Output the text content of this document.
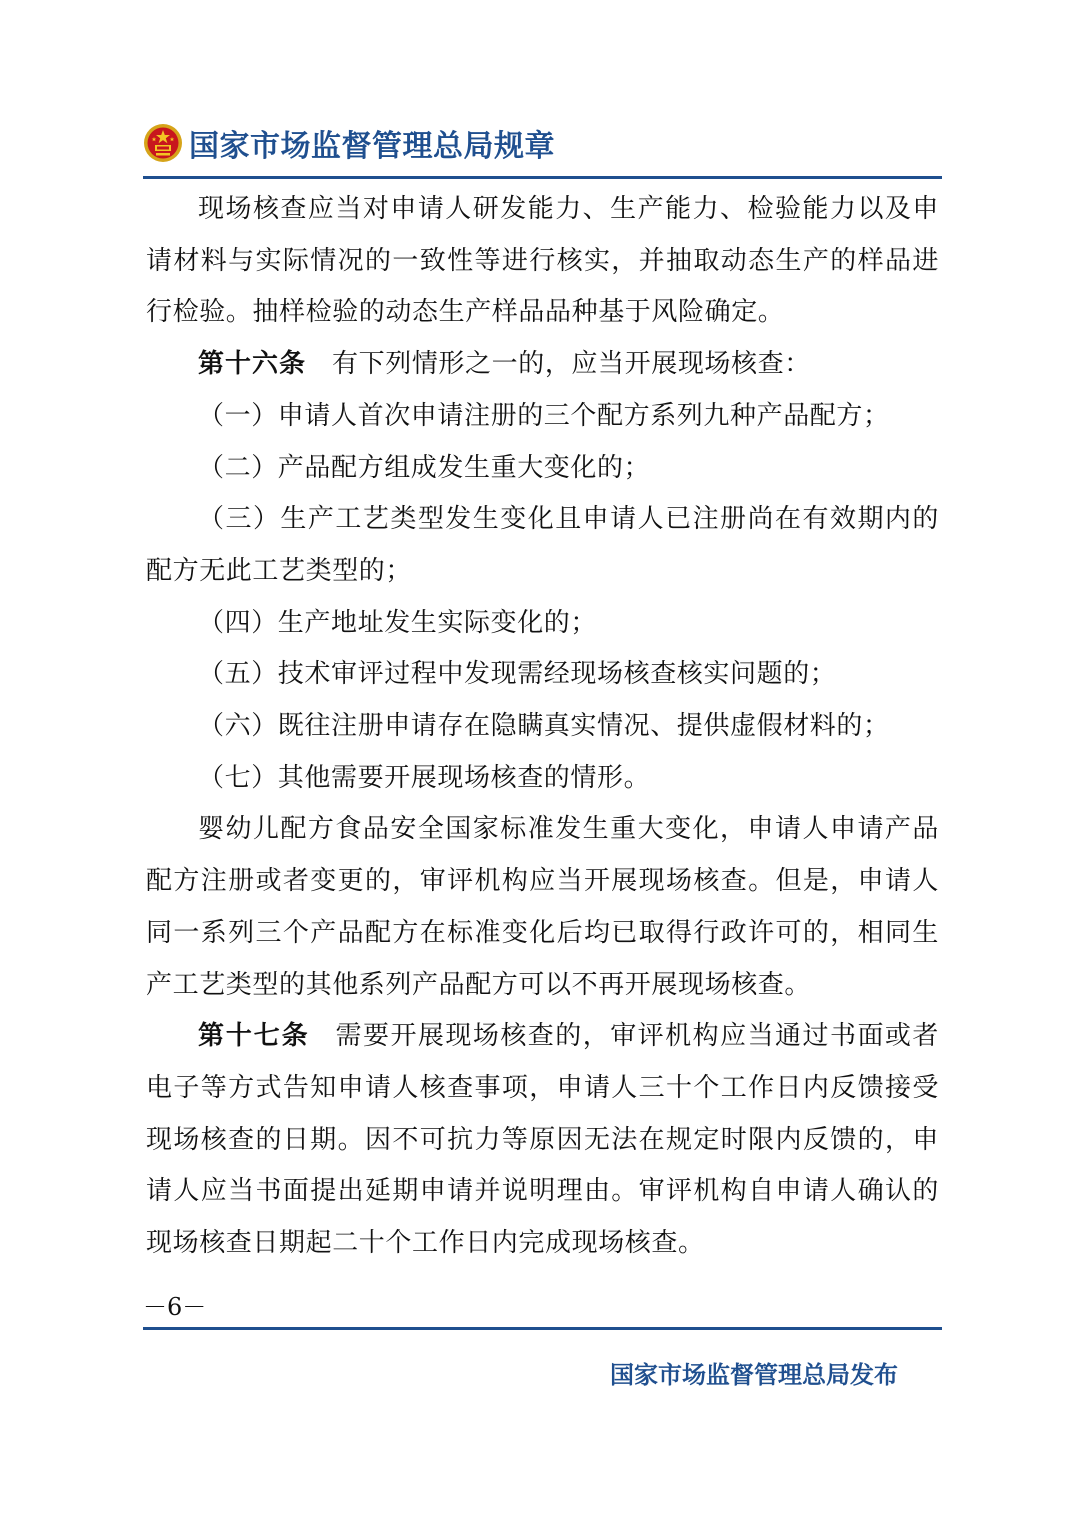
国家市场监督管理总局规章

现场核查应当对申请人研发能力、生产能力、检验能力以及申请材料与实际情况的一致性等进行核实，并抽取动态生产的样品进行检验。抽样检验的动态生产样品品种基于风险确定。

第十六条 有下列情形之一的，应当开展现场核查：

（一）申请人首次申请注册的三个配方系列九种产品配方；

（二）产品配方组成发生重大变化的；

（三）生产工艺类型发生变化且申请人已注册尚在有效期内的配方无此工艺类型的；

（四）生产地址发生实际变化的；

（五）技术审评过程中发现需经现场核查核实问题的；

（六）既往注册申请存在隐瞒真实情况、提供虚假材料的；

（七）其他需要开展现场核查的情形。

婴幼儿配方食品安全国家标准发生重大变化，申请人申请产品配方注册或者变更的，审评机构应当开展现场核查。但是，申请人同一系列三个产品配方在标准变化后均已取得行政许可的，相同生产工艺类型的其他系列产品配方可以不再开展现场核查。

第十七条 需要开展现场核查的，审评机构应当通过书面或者电子等方式告知申请人核查事项，申请人三十个工作日内反馈接受现场核查的日期。因不可抗力等原因无法在规定时限内反馈的，申请人应当书面提出延期申请并说明理由。审评机构自申请人确认的现场核查日期起二十个工作日内完成现场核查。

－6－
国家市场监督管理总局发布
